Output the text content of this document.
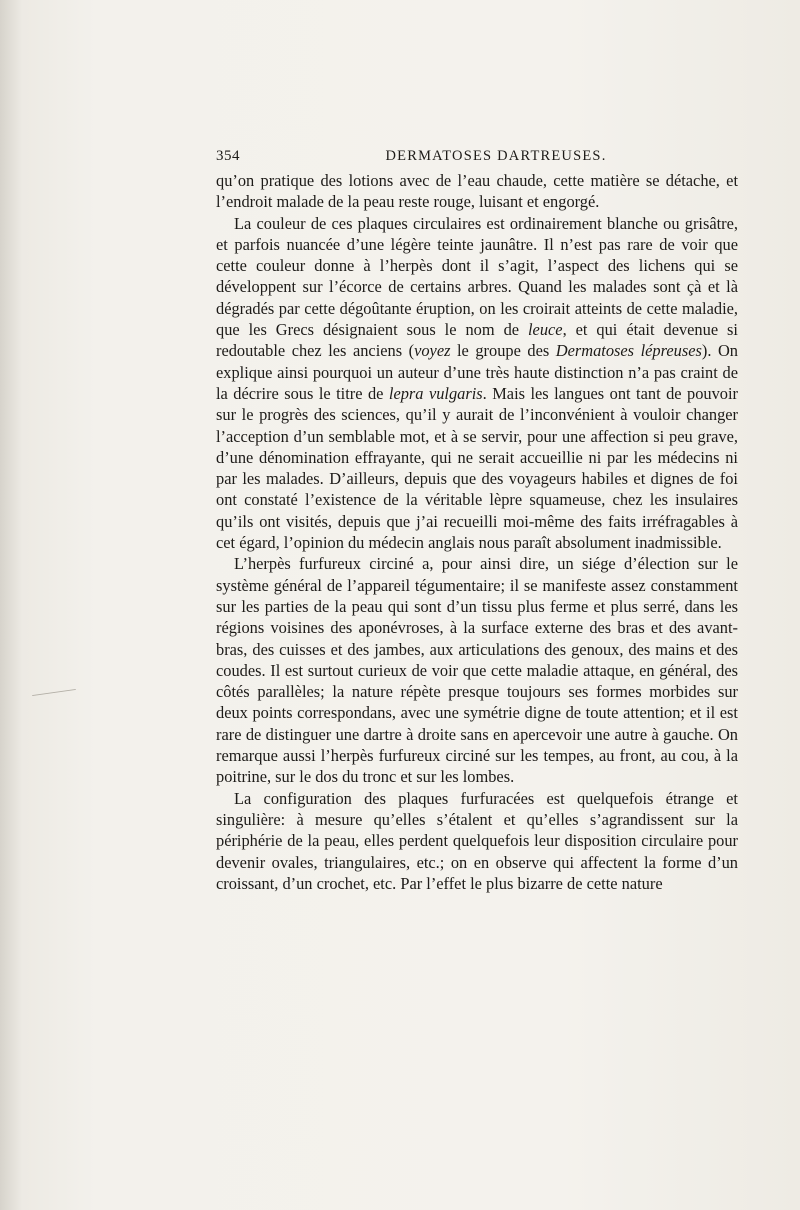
354	DERMATOSES DARTREUSES.

qu’on pratique des lotions avec de l’eau chaude, cette matière se détache, et l’endroit malade de la peau reste rouge, luisant et engorgé.

La couleur de ces plaques circulaires est ordinairement blanche ou grisâtre, et parfois nuancée d’une légère teinte jaunâtre. Il n’est pas rare de voir que cette couleur donne à l’herpès dont il s’agit, l’aspect des lichens qui se développent sur l’écorce de certains arbres. Quand les malades sont çà et là dégradés par cette dégoûtante éruption, on les croirait atteints de cette maladie, que les Grecs désignaient sous le nom de leuce, et qui était devenue si redoutable chez les anciens (voyez le groupe des Dermatoses lépreuses). On explique ainsi pourquoi un auteur d’une très haute distinction n’a pas craint de la décrire sous le titre de lepra vulgaris. Mais les langues ont tant de pouvoir sur le progrès des sciences, qu’il y aurait de l’inconvénient à vouloir changer l’acception d’un semblable mot, et à se servir, pour une affection si peu grave, d’une dénomination effrayante, qui ne serait accueillie ni par les médecins ni par les malades. D’ailleurs, depuis que des voyageurs habiles et dignes de foi ont constaté l’existence de la véritable lèpre squameuse, chez les insulaires qu’ils ont visités, depuis que j’ai recueilli moi-même des faits irréfragables à cet égard, l’opinion du médecin anglais nous paraît absolument inadmissible.

L’herpès furfureux circiné a, pour ainsi dire, un siége d’élection sur le système général de l’appareil tégumentaire; il se manifeste assez constamment sur les parties de la peau qui sont d’un tissu plus ferme et plus serré, dans les régions voisines des aponévroses, à la surface externe des bras et des avant-bras, des cuisses et des jambes, aux articulations des genoux, des mains et des coudes. Il est surtout curieux de voir que cette maladie attaque, en général, des côtés parallèles; la nature répète presque toujours ses formes morbides sur deux points correspondans, avec une symétrie digne de toute attention; et il est rare de distinguer une dartre à droite sans en apercevoir une autre à gauche. On remarque aussi l’herpès furfureux circiné sur les tempes, au front, au cou, à la poitrine, sur le dos du tronc et sur les lombes.

La configuration des plaques furfuracées est quelquefois étrange et singulière: à mesure qu’elles s’étalent et qu’elles s’agrandissent sur la périphérie de la peau, elles perdent quelquefois leur disposition circulaire pour devenir ovales, triangulaires, etc.; on en observe qui affectent la forme d’un croissant, d’un crochet, etc. Par l’effet le plus bizarre de cette nature
